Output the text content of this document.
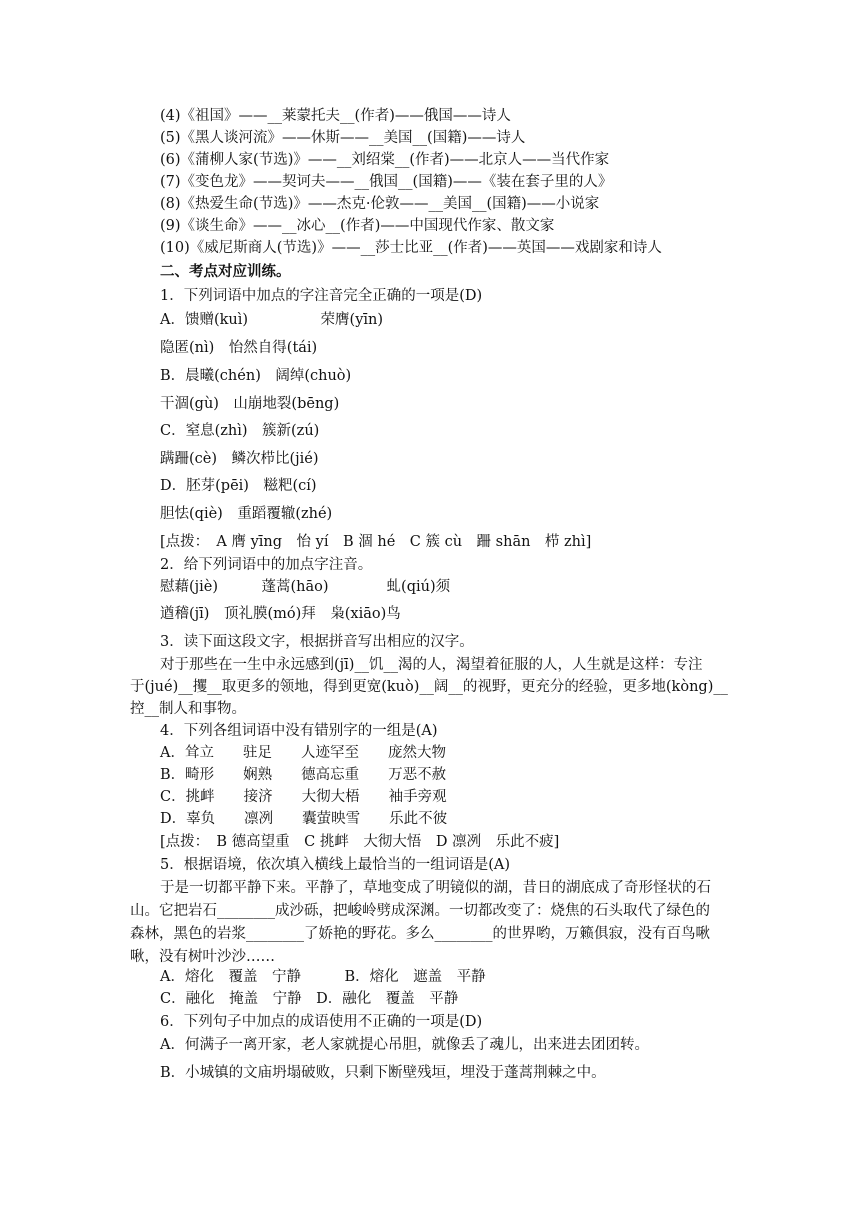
(4)《祖国》——__莱蒙托夫__(作者)——俄国——诗人
(5)《黑人谈河流》——休斯——__美国__(国籍)——诗人
(6)《蒲柳人家(节选)》——__刘绍棠__(作者)——北京人——当代作家
(7)《变色龙》——契诃夫——__俄国__(国籍)——《装在套子里的人》
(8)《热爱生命(节选)》——杰克·伦敦——__美国__(国籍)——小说家
(9)《谈生命》——__冰心__(作者)——中国现代作家、散文家
(10)《威尼斯商人(节选)》——__莎士比亚__(作者)——英国——戏剧家和诗人
二、考点对应训练。
1．下列词语中加点的字注音完全正确的一项是(D)
A．馈赠(kuì)　　　　　荣膺(yīn)
隐匿(nì)　怡然自得(tái)
B．晨曦(chén)　阔绰(chuò)
干涸(gù)　山崩地裂(bēng)
C．窒息(zhì)　簇新(zú)
蹒跚(cè)　鳞次栉比(jié)
D．胚芽(pēi)　糍粑(cí)
胆怯(qiè)　重蹈覆辙(zhé)
[点拨：　A 膺 yīng　怡 yí　B 涸 hé　C 簇 cù　跚 shān　栉 zhì]
2．给下列词语中的加点字注音。
慰藉(jiè)　　　蓬蒿(hāo)　　　　虬(qiú)须
遒稽(jī)　顶礼膜(mó)拜　枭(xiāo)鸟
3．读下面这段文字，根据拼音写出相应的汉字。
对于那些在一生中永远感到(jī)__饥__渴的人，渴望着征服的人，人生就是这样：专注
于(jué)__攫__取更多的领地，得到更宽(kuò)__阔__的视野，更充分的经验，更多地(kòng)__
控__制人和事物。
4．下列各组词语中没有错别字的一组是(A)
A．耸立　　驻足　　人迹罕至　　庞然大物
B．畸形　　娴熟　　德高忘重　　万恶不赦
C．挑衅　　接济　　大彻大梧　　袖手旁观
D．辜负　　凛冽　　囊萤映雪　　乐此不彼
[点拨：　B 德高望重　C 挑衅　大彻大悟　D 凛冽　乐此不疲]
5．根据语境，依次填入横线上最恰当的一组词语是(A)
于是一切都平静下来。平静了，草地变成了明镜似的湖，昔日的湖底成了奇形怪状的石
山。它把岩石________成沙砾，把峻岭劈成深渊。一切都改变了：烧焦的石头取代了绿色的
森林，黑色的岩浆________了娇艳的野花。多么________的世界哟，万籁俱寂，没有百鸟啾
啾，没有树叶沙沙……
A．熔化　覆盖　宁静　　　B．熔化　遮盖　平静
C．融化　掩盖　宁静　D．融化　覆盖　平静
6．下列句子中加点的成语使用不正确的一项是(D)
A．何满子一离开家，老人家就提心吊胆，就像丢了魂儿，出来进去团团转。
B．小城镇的文庙坍塌破败，只剩下断壁残垣，埋没于蓬蒿荆棘之中。
